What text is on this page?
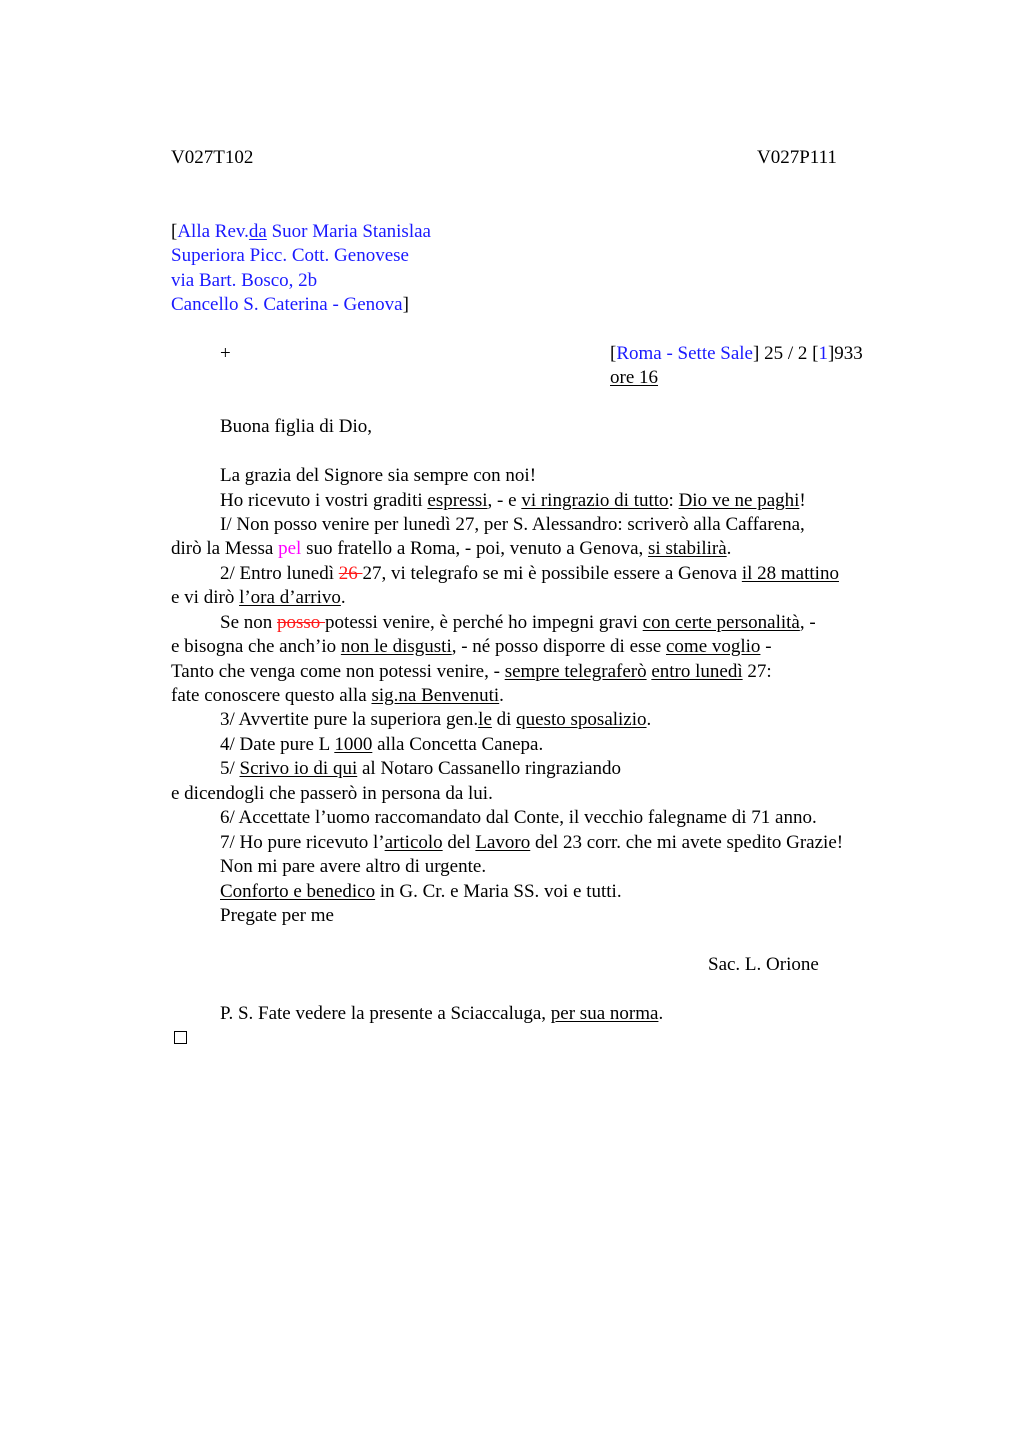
V027T102	V027P111
[Alla Rev.da Suor Maria Stanislaa
Superiora Picc. Cott. Genovese
via Bart. Bosco, 2b
Cancello S. Caterina - Genova]
+	[Roma - Sette Sale] 25 / 2 [1]933
ore 16
Buona figlia di Dio,
La grazia del Signore sia sempre con noi!
Ho ricevuto i vostri graditi espressi, - e vi ringrazio di tutto: Dio ve ne paghi!
I/ Non posso venire per lunedì 27, per S. Alessandro: scriverò alla Caffarena,
dirò la Messa pel suo fratello a Roma, - poi, venuto a Genova, si stabilirà.
2/ Entro lunedì 26 27, vi telegrafo se mi è possibile essere a Genova il 28 mattino
e vi dirò l’ora d’arrivo.
Se non posso potessi venire, è perché ho impegni gravi con certe personalità, -
e bisogna che anch’io non le disgusti, - né posso disporre di esse come voglio -
Tanto che venga come non potessi venire, - sempre telegraferò entro lunedì 27:
fate conoscere questo alla sig.na Benvenuti.
3/ Avvertite pure la superiora gen.le di questo sposalizio.
4/ Date pure L 1000 alla Concetta Canepa.
5/ Scrivo io di qui al Notaro Cassanello ringraziando
e dicendogli che passerò in persona da lui.
6/ Accettate l’uomo raccomandato dal Conte, il vecchio falegname di 71 anno.
7/ Ho pure ricevuto l’articolo del Lavoro del 23 corr. che mi avete spedito Grazie!
Non mi pare avere altro di urgente.
Conforto e benedico in G. Cr. e Maria SS. voi e tutti.
Pregate per me
Sac. L. Orione
P. S. Fate vedere la presente a Sciaccaluga, per sua norma.
